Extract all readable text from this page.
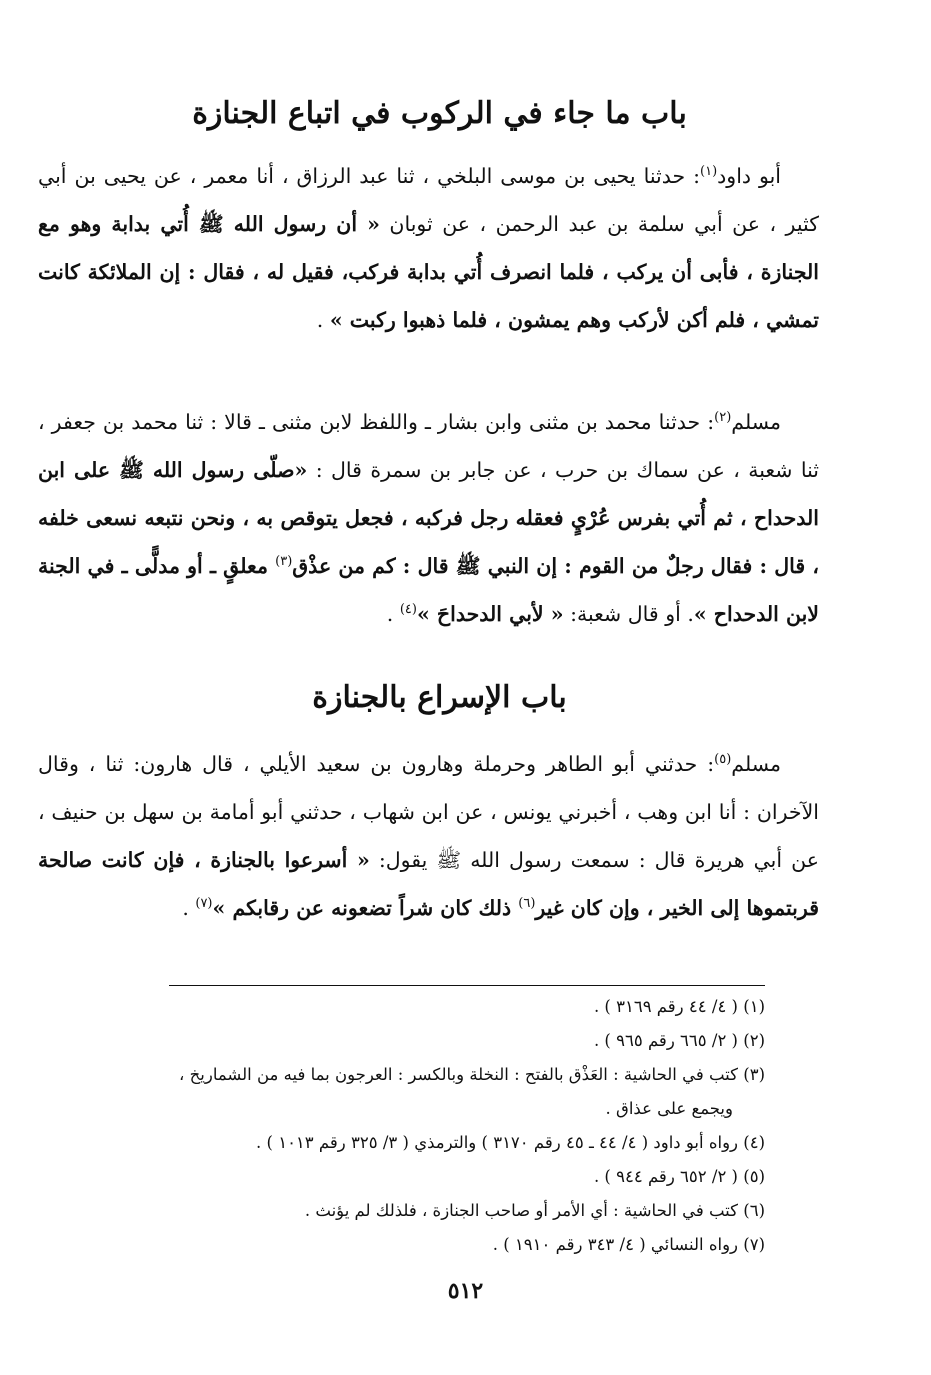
باب ما جاء في الركوب في اتباع الجنازة

أبو داود$^{(١)}$: حدثنا يحيى بن موسى البلخي ، ثنا عبد الرزاق ، أنا معمر ، عن يحيى بن أبي كثير ، عن أبي سلمة بن عبد الرحمن ، عن ثوبان « أن رسول الله ﷺ أُتي بدابة وهو مع الجنازة ، فأبى أن يركب ، فلما انصرف أُتي بدابة فركب، فقيل له ، فقال : إن الملائكة كانت تمشي ، فلم أكن لأركب وهم يمشون ، فلما ذهبوا ركبت » .

مسلم$^{(٢)}$: حدثنا محمد بن مثنى وابن بشار ـ واللفظ لابن مثنى ـ قالا : ثنا محمد بن جعفر ، ثنا شعبة ، عن سماك بن حرب ، عن جابر بن سمرة قال : «صلّى رسول الله ﷺ على ابن الدحداح ، ثم أُتي بفرس عُرْيٍ فعقله رجل فركبه ، فجعل يتوقص به ، ونحن نتبعه نسعى خلفه ، قال : فقال رجلٌ من القوم : إن النبي ﷺ قال : كم من عذْق$^{(٣)}$ معلقٍ ـ أو مدلًّى ـ في الجنة لابن الدحداح ». أو قال شعبة: « لأبي الدحداحَ »$^{(٤)}$ .

باب الإسراع بالجنازة

مسلم$^{(٥)}$: حدثني أبو الطاهر وحرملة وهارون بن سعيد الأيلي ، قال هارون: ثنا ، وقال الآخران : أنا ابن وهب ، أخبرني يونس ، عن ابن شهاب ، حدثني أبو أمامة بن سهل بن حنيف ، عن أبي هريرة قال : سمعت رسول الله ﷺ يقول: « أسرعوا بالجنازة ، فإن كانت صالحة قربتموها إلى الخير ، وإن كان غير$^{(٦)}$ ذلك كان شراً تضعونه عن رقابكم »$^{(٧)}$ .

(١) ( ٤/ ٤٤ رقم ٣١٦٩ ) .
(٢) ( ٢/ ٦٦٥ رقم ٩٦٥ ) .
(٣) كتب في الحاشية : العَذْق بالفتح : النخلة وبالكسر : العرجون بما فيه من الشماريخ ،
ويجمع على عذاق .
(٤) رواه أبو داود ( ٤/ ٤٤ ـ ٤٥ رقم ٣١٧٠ ) والترمذي ( ٣/ ٣٢٥ رقم ١٠١٣ ) .
(٥) ( ٢/ ٦٥٢ رقم ٩٤٤ ) .
(٦) كتب في الحاشية : أي الأمر أو صاحب الجنازة ، فلذلك لم يؤنث .
(٧) رواه النسائي ( ٤/ ٣٤٣ رقم ١٩١٠ ) .
٥١٢
